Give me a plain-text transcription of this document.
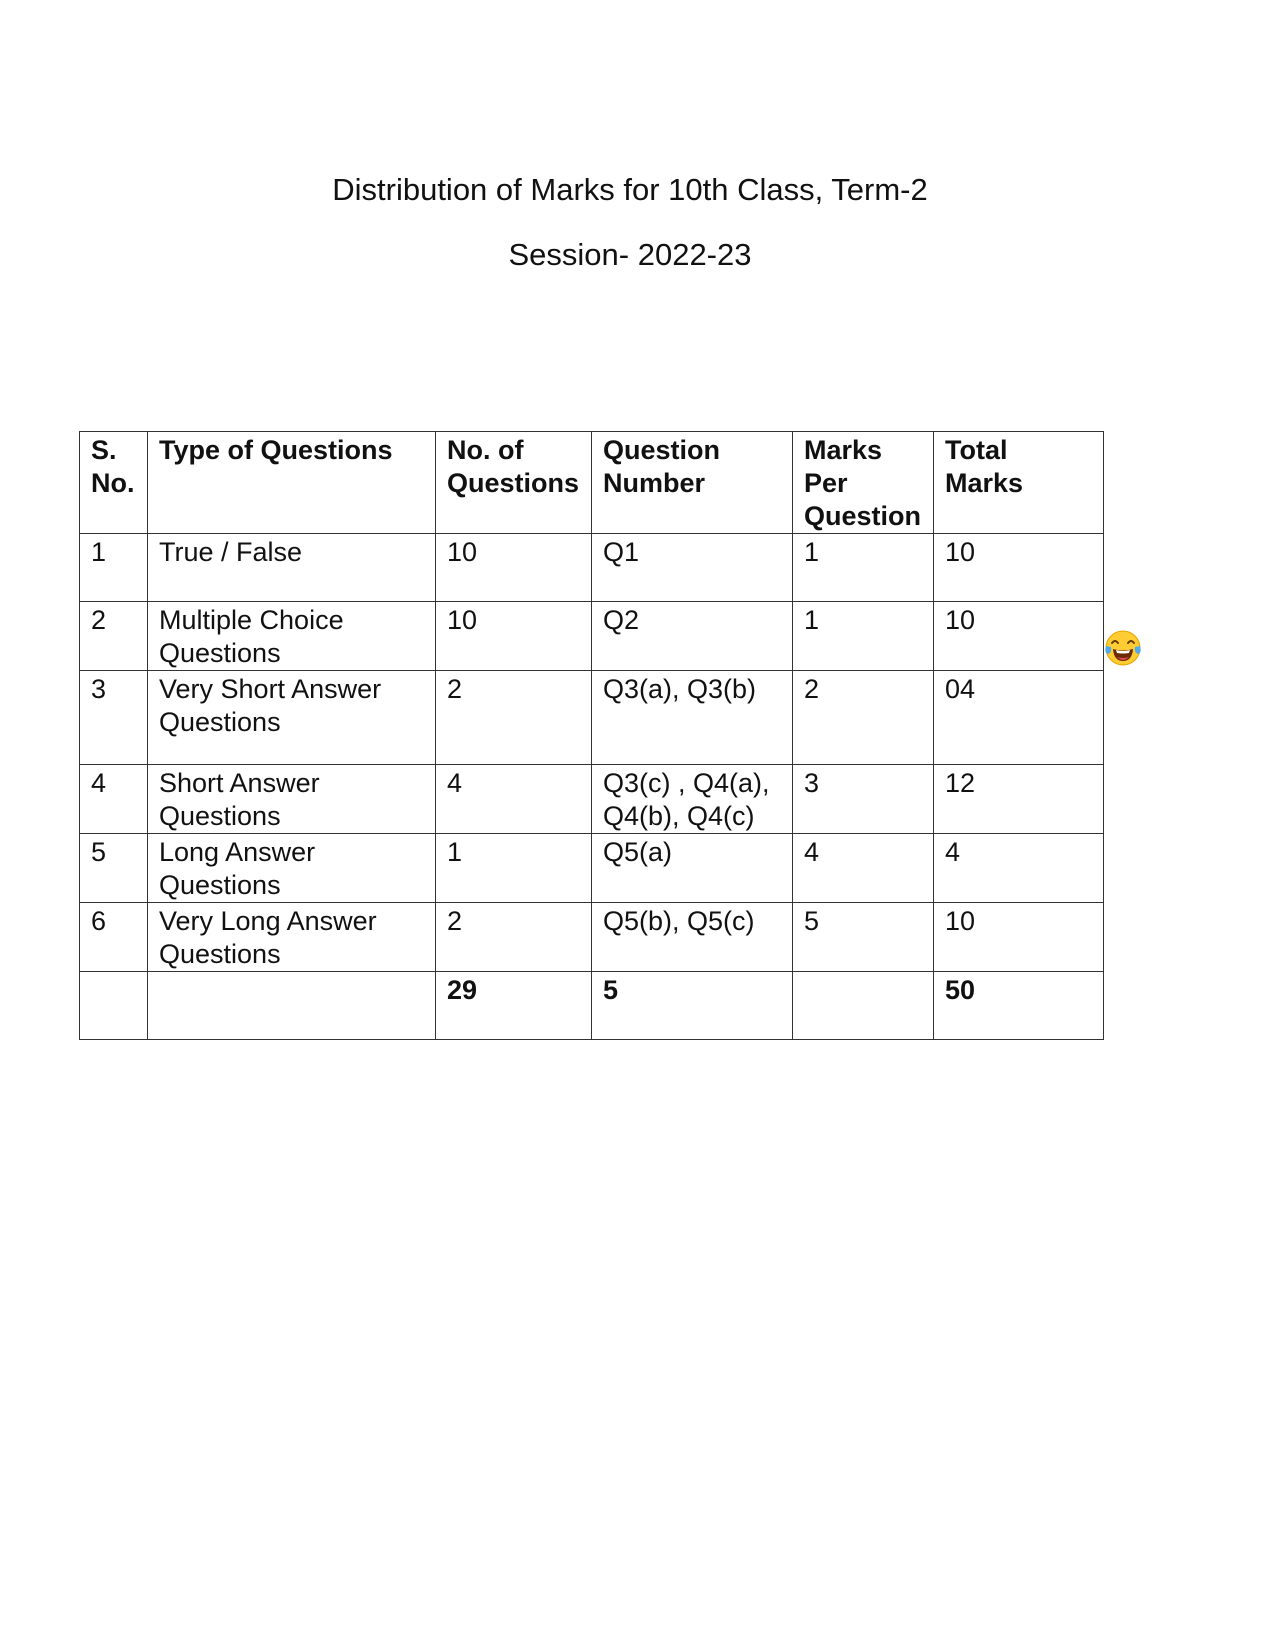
Distribution of Marks for 10th Class, Term-2
Session- 2022-23
S. No.	Type of Questions	No. of Questions	Question Number	Marks Per Question	Total Marks
1	True / False	10	Q1	1	10
2	Multiple Choice Questions	10	Q2	1	10
3	Very Short Answer Questions	2	Q3(a), Q3(b)	2	04
4	Short Answer Questions	4	Q3(c) , Q4(a), Q4(b), Q4(c)	3	12
5	Long Answer Questions	1	Q5(a)	4	4
6	Very Long Answer Questions	2	Q5(b), Q5(c)	5	10
		29	5		50
